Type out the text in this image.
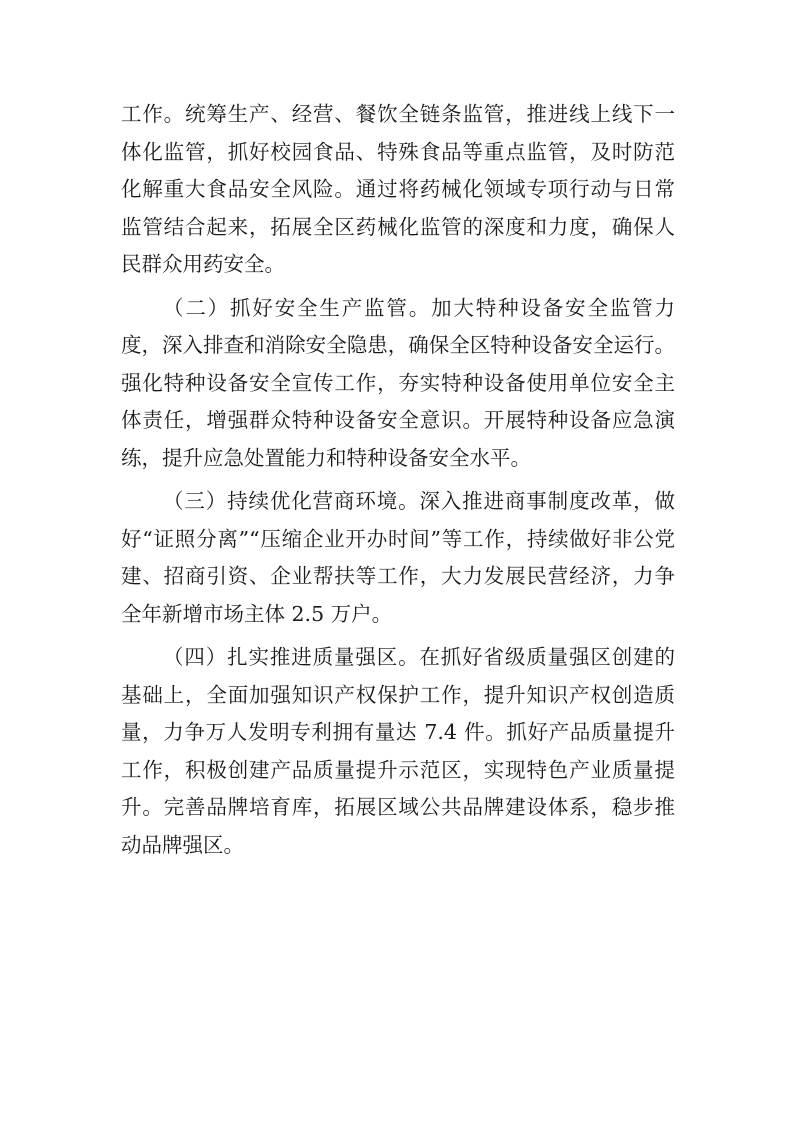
工作。统筹生产、经营、餐饮全链条监管，推进线上线下一
体化监管，抓好校园食品、特殊食品等重点监管，及时防范
化解重大食品安全风险。通过将药械化领域专项行动与日常
监管结合起来，拓展全区药械化监管的深度和力度，确保人
民群众用药安全。
（二）抓好安全生产监管。加大特种设备安全监管力
度，深入排查和消除安全隐患，确保全区特种设备安全运行。
强化特种设备安全宣传工作，夯实特种设备使用单位安全主
体责任，增强群众特种设备安全意识。开展特种设备应急演
练，提升应急处置能力和特种设备安全水平。
（三）持续优化营商环境。深入推进商事制度改革，做
好“证照分离”“压缩企业开办时间”等工作，持续做好非公党
建、招商引资、企业帮扶等工作，大力发展民营经济，力争
全年新增市场主体 2.5 万户。
（四）扎实推进质量强区。在抓好省级质量强区创建的
基础上，全面加强知识产权保护工作，提升知识产权创造质
量，力争万人发明专利拥有量达 7.4 件。抓好产品质量提升
工作，积极创建产品质量提升示范区，实现特色产业质量提
升。完善品牌培育库，拓展区域公共品牌建设体系，稳步推
动品牌强区。
